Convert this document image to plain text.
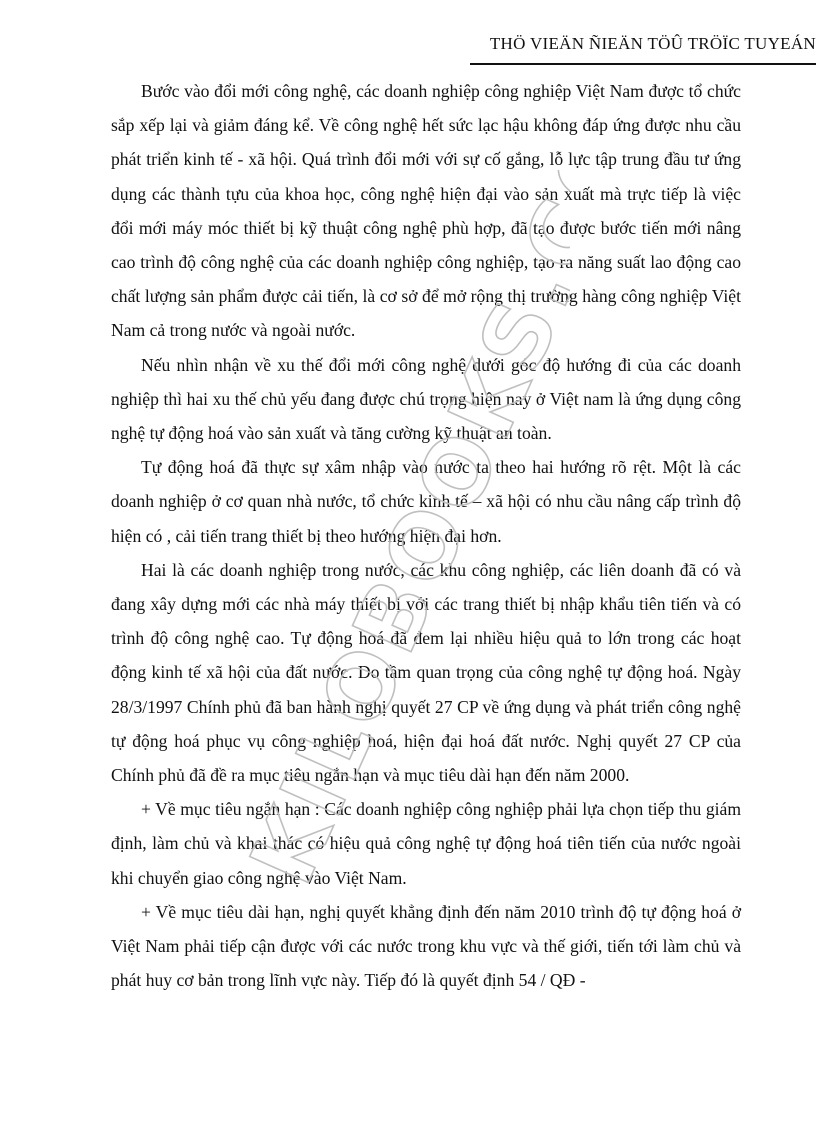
THÖ VIEÄN ÑIEÄN TÖÛ TRÖÏC TUYEÁN

Bước vào đổi mới công nghệ, các doanh nghiệp công nghiệp Việt Nam được tổ chức sắp xếp lại và giảm đáng kể. Về công nghệ hết sức lạc hậu không đáp ứng được nhu cầu phát triển kinh tế - xã hội. Quá trình đổi mới với sự cố gắng, lỗ lực tập trung đầu tư ứng dụng các thành tựu của khoa học, công nghệ hiện đại vào sản xuất mà trực tiếp là việc đổi mới máy móc thiết bị kỹ thuật công nghệ phù hợp, đã tạo được bước tiến mới nâng cao trình độ công nghệ của các doanh nghiệp công nghiệp, tạo ra năng suất lao động cao chất lượng sản phẩm được cải tiến, là cơ sở để mở rộng thị trường hàng công nghiệp Việt Nam cả trong nước và ngoài nước.

Nếu nhìn nhận về xu thế đổi mới công nghệ dưới góc độ hướng đi của các doanh nghiệp thì hai xu thế chủ yếu đang được chú trọng hiện nay ở Việt nam là ứng dụng công nghệ tự động hoá vào sản xuất và tăng cường kỹ thuật an toàn.

Tự động hoá đã thực sự xâm nhập vào nước ta theo hai hướng rõ rệt. Một là các doanh nghiệp ở cơ quan nhà nước, tổ chức kinh tế – xã hội có nhu cầu nâng cấp trình độ hiện có , cải tiến trang thiết bị theo hướng hiện đại hơn.

Hai là các doanh nghiệp trong nước, các khu công nghiệp, các liên doanh đã có và đang xây dựng mới các nhà máy thiết bị với các trang thiết bị nhập khẩu tiên tiến và có trình độ công nghệ cao. Tự động hoá đã đem lại nhiều hiệu quả to lớn trong các hoạt động kinh tế xã hội của đất nước. Do tầm quan trọng của công nghệ tự động hoá. Ngày 28/3/1997 Chính phủ đã ban hành nghị quyết 27 CP về ứng dụng và phát triển công nghệ tự động hoá phục vụ công nghiệp hoá, hiện đại hoá đất nước. Nghị quyết 27 CP của Chính phủ đã đề ra mục tiêu ngắn hạn và mục tiêu dài hạn đến năm 2000.

+ Về mục tiêu ngắn hạn : Các doanh nghiệp công nghiệp phải lựa chọn tiếp thu giám định, làm chủ và khai thác có hiệu quả công nghệ tự động hoá tiên tiến của nước ngoài khi chuyển giao công nghệ vào Việt Nam.

+ Về mục tiêu dài hạn, nghị quyết khẳng định đến năm 2010 trình độ tự động hoá ở Việt Nam phải tiếp cận được với các nước trong khu vực và thế giới, tiến tới làm chủ và phát huy cơ bản trong lĩnh vực này. Tiếp đó là quyết định 54 / QĐ -

KILOBOOKS.CO
